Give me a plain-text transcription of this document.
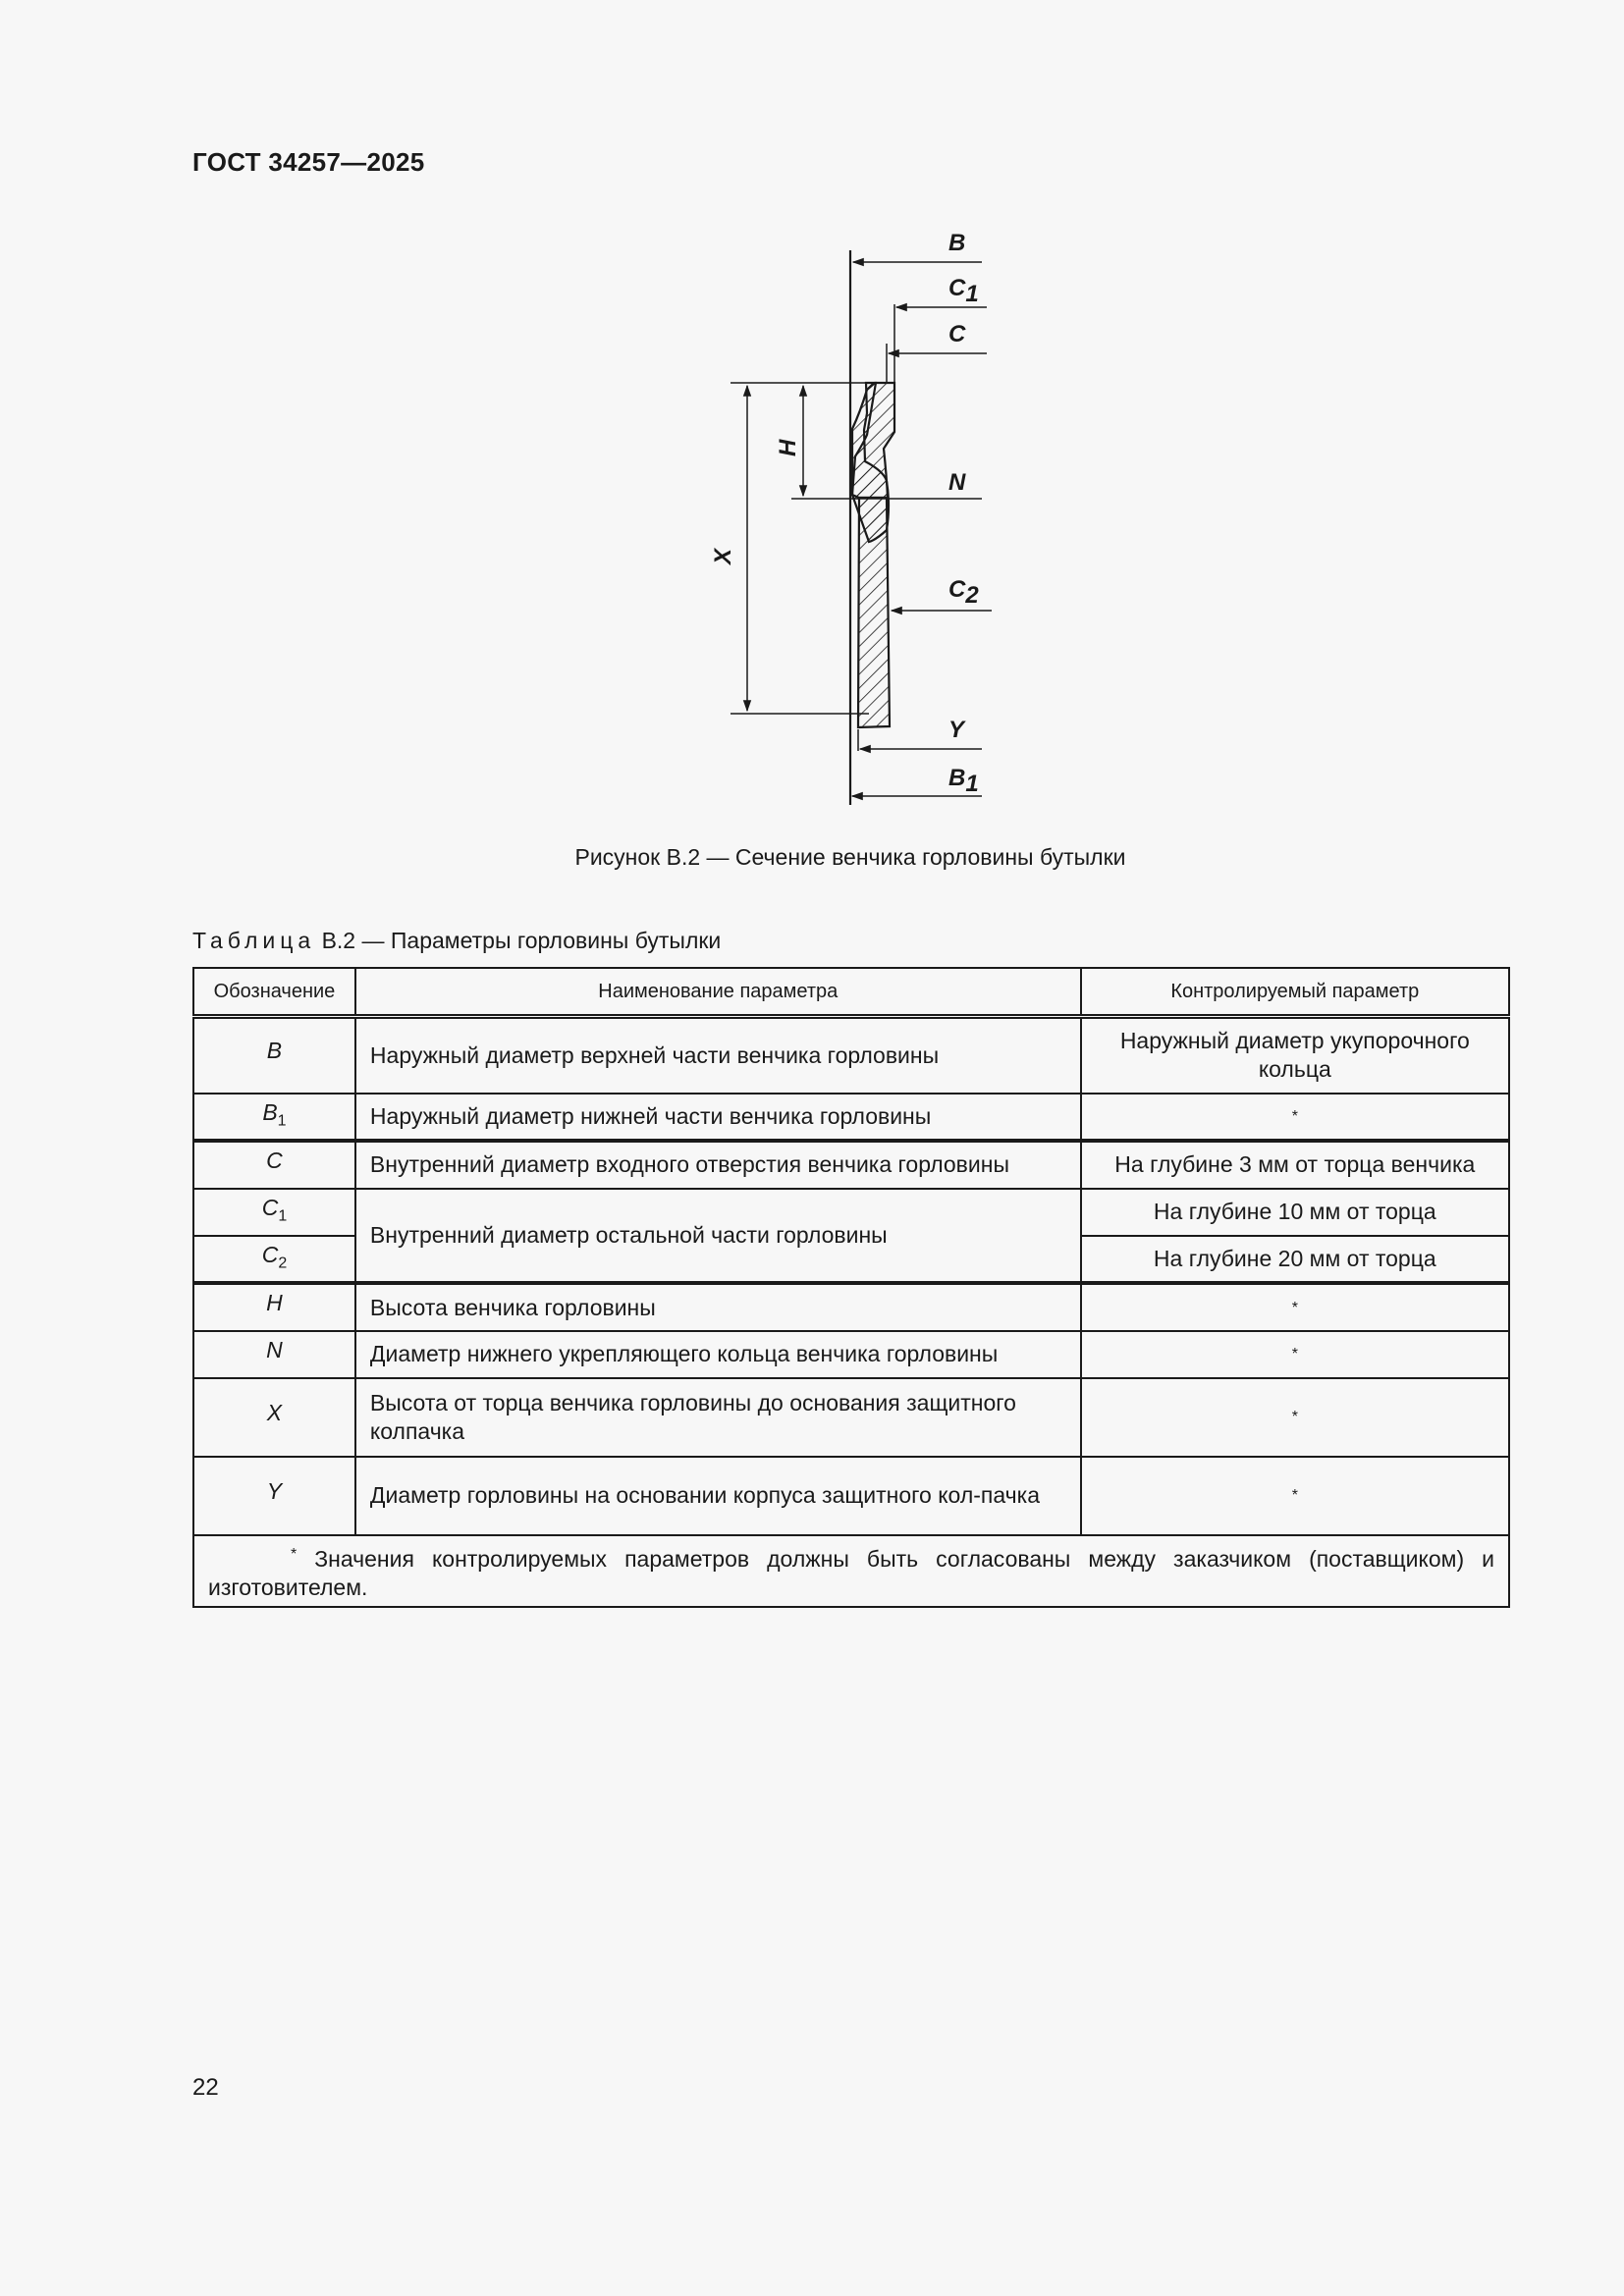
ГОСТ 34257—2025
B
C1
C
N
C2
Y
B1
H
X
Рисунок В.2 — Сечение венчика горловины бутылки
Таблица В.2 — Параметры горловины бутылки
Обозначение	Наименование параметра	Контролируемый параметр
B	Наружный диаметр верхней части венчика горловины	Наружный диаметр укупорочного кольца
$B_1$	Наружный диаметр нижней части венчика горловины	*
C	Внутренний диаметр входного отверстия венчика горловины	На глубине 3 мм от торца венчика
$C_1$	Внутренний диаметр остальной части горловины	На глубине 10 мм от торца
$C_2$		На глубине 20 мм от торца
H	Высота венчика горловины	*
N	Диаметр нижнего укрепляющего кольца венчика горловины	*
X	Высота от торца венчика горловины до основания защитного колпачка	*
Y	Диаметр горловины на основании корпуса защитного кол-пачка	*
* Значения контролируемых параметров должны быть согласованы между заказчиком (поставщиком) и изготовителем.		
22
